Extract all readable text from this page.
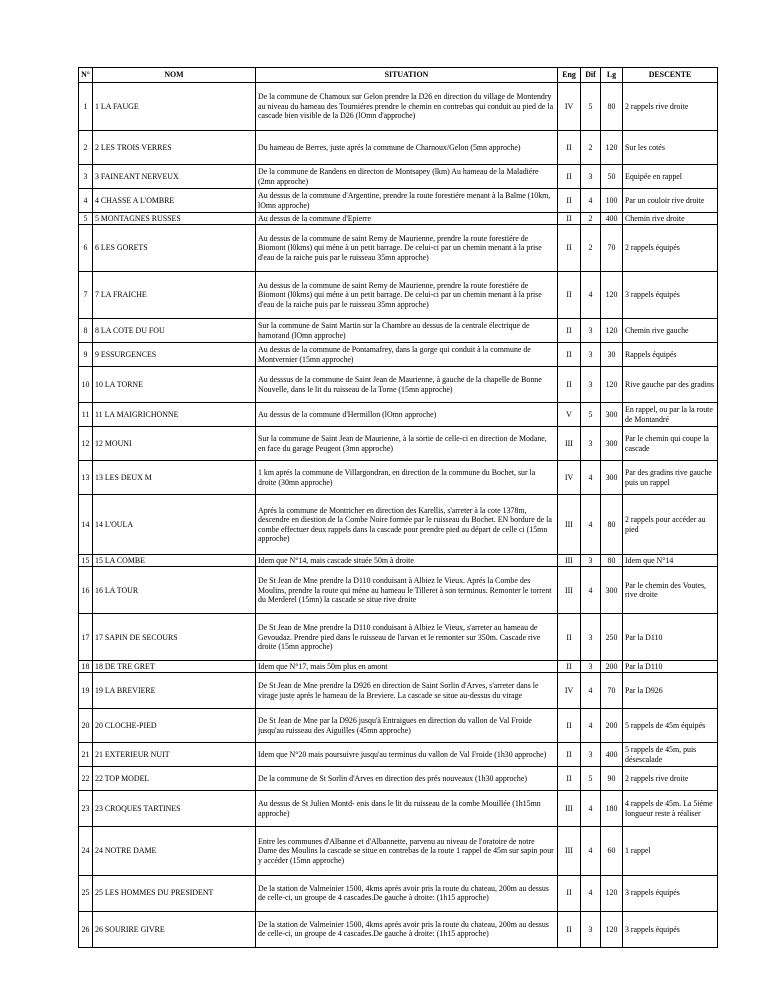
N°	NOM	SITUATION	Eng	Dif	Lg	DESCENTE
1	1 LA FAUGE	De la commune de Chamoux sur Gelon prendre la D26 en direction du village de Montendry au niveau du hameau des Tourniéres prendre le chemin en contrebas qui conduit au pied de la cascade bien visible de la D26 (lOmn d'approche)	IV	5	80	2 rappels rive droite
2	2 LES TROIS VERRES	Du hameau de Berres, juste aprés la commune de Charnoux/Gelon (5mn approche)	II	2	120	Sur les cotés
3	3 FAINEANT NERVEUX	De la commune de Randens en directon de Montsapey (lkm) Au hameau de la Maladiére (2mn approche)	II	3	50	Equipée en rappel
4	4 CHASSE A L'OMBRE	Au dessus de la commune d'Argentine, prendre la route forestiére menant à la Balme (10km, lOmn approche)	II	4	100	Par un couloir rive droite
5	5 MONTAGNES RUSSES	Au dessus de la commune d'Epierre	II	2	400	Chemin rive droite
6	6 LES GORETS	Au dessus de la commune de saint Remy de Maurienne, prendre la route forestiére de Biomont (l0kms) qui méne à un petit barrage. De celui-ci par un chemin menant à la prise d'eau de la raiche puis par le ruisseau 35mn approche)	II	2	70	2 rappels équipés
7	7 LA FRAICHE	Au dessus de la commune de saint Remy de Maurienne, prendre la route forestiére de Biomont (l0kms) qui méne à un petit barrage. De celui-ci par un chemin menant à la prise d'eau de la raiche puis par le ruisseau 35mn approche)	II	4	120	3 rappels équipés
8	8 LA COTE DU FOU	Sur la commune de Saint Martin sur la Chambre au dessus de la centrale électrique de hamorand (lOmn approche)	II	3	120	Chemin rive gauche
9	9 ESSURGENCES	Au dessus de la commune de Pontamafrey, dans la gorge qui conduit à la commune de Montvernier (15mn approche)	II	3	30	Rappels équipés
10	10 LA TORNE	Au desssus de la commune de Saint Jean de Maurienne, à gauche de la chapelle de Bonne Nouvelle, dans le lit du ruisseau de la Torne (15mn approche)	II	3	120	Rive gauche par des gradins
11	11 LA MAIGRICHONNE	Au dessus de la commune d'Hermillon (lOmn approche)	V	5	300	En rappel, ou par la la route de Montandré
12	12 MOUNI	Sur la commune de Saint Jean de Maurienne, à la sortie de celle-ci en direction de Modane, en face du garage Peugeot (3mn approche)	III	3	300	Par le chemin qui coupe la cascade
13	13 LES DEUX M	1 km aprés la commune de Villargondran, en direction de la commune du Bochet, sur la droite (30mn approche)	IV	4	300	Par des gradins rive gauche puis un rappel
14	14 L'OULA	Aprés la commune de Montricher en direction des Karellis, s'arreter à la cote 1378m, descendre en diestion de la Combe Noire formée par le ruisseau du Bochet. EN bordure de la combe effectuer deux rappels dans la cascade pour prendre pied au départ de celle ci (15mn approche)	III	4	80	2 rappels pour accéder au pied
15	15 LA COMBE	Idem que N°14, mais cascade située 50m à droite	III	3	80	Idem que N°14
16	16 LA TOUR	De St Jean de Mne prendre la D110 conduisant à Albiez le Vieux. Aprés la Combe des Moulins, prendre la route qui méne au hameau le Tilleret à son terminus. Remonter le torrent du Merderel (15mn) la cascade se situe rive droite	III	4	300	Par le chemin des Voutes, rive droite
17	17 SAPIN DE SECOURS	De St Jean de Mne prendre la D110 conduisant à Albiez le Vieux, s'arreter au hameau de Gevoudaz. Prendre pied dans le ruisseau de l'arvan et le remonter sur 350m. Cascade rive droite (15mn approche)	II	3	250	Par la D110
18	18 DE TRE GRET	Idem que N°17, mais 50m plus en amont	II	3	200	Par la D110
19	19 LA BREVIERE	De St Jean de Mne prendre la D926 en direction de Saint Sorlin d'Arves, s'arreter dans le virage juste aprés le hameau de la Breviere. La cascade se situe au-dessus du virage	IV	4	70	Par la D926
20	20 CLOCHE-PIED	De St Jean de Mne par la D926 jusqu'à Entraigues en direction du vallon de Val Froide jusqu'au ruisseau des Aiguilles (45mn approche)	II	4	200	5 rappels de 45m équipés
21	21 EXTERIEUR NUIT	Idem que N°20 mais poursuivre jusqu'au terminus du vallon de Val Froide (1h30 approche)	II	3	400	5 rappels de 45m, puis désescalade
22	22 TOP MODEL	De la commune de St Sorlin d'Arves en direction des prés nouveaux (1h30 approche)	II	5	90	2 rappels rive droite
23	23 CROQUES TARTINES	Au dessus de St Julien Montd- enis dans le lit du ruisseau de la combe Mouillée (1h15mn approche)	III	4	180	4 rappels de 45m. La 5iéme longueur reste à réaliser
24	24 NOTRE DAME	Entre les communes d'Albanne et d'Albannette, parvenu au niveau de l'oratoire de notre Dame des Moulins la cascade se situe en contrebas de la route 1 rappel de 45m sur sapin pour y accéder (15mn approche)	III	4	60	1 rappel
25	25 LES HOMMES DU PRESIDENT	De la station de Valmeinier 1500, 4kms aprés avoir pris la route du chateau, 200m au dessus de celle-ci, un groupe de 4 cascades.De gauche à droite: (1h15 approche)	II	4	120	3 rappels équipés
26	26 SOURIRE GIVRE	De la station de Valmeinier 1500, 4kms aprés avoir pris la route du chateau, 200m au dessus de celle-ci, un groupe de 4 cascades.De gauche à droite: (1h15 approche)	II	3	120	3 rappels équipés
